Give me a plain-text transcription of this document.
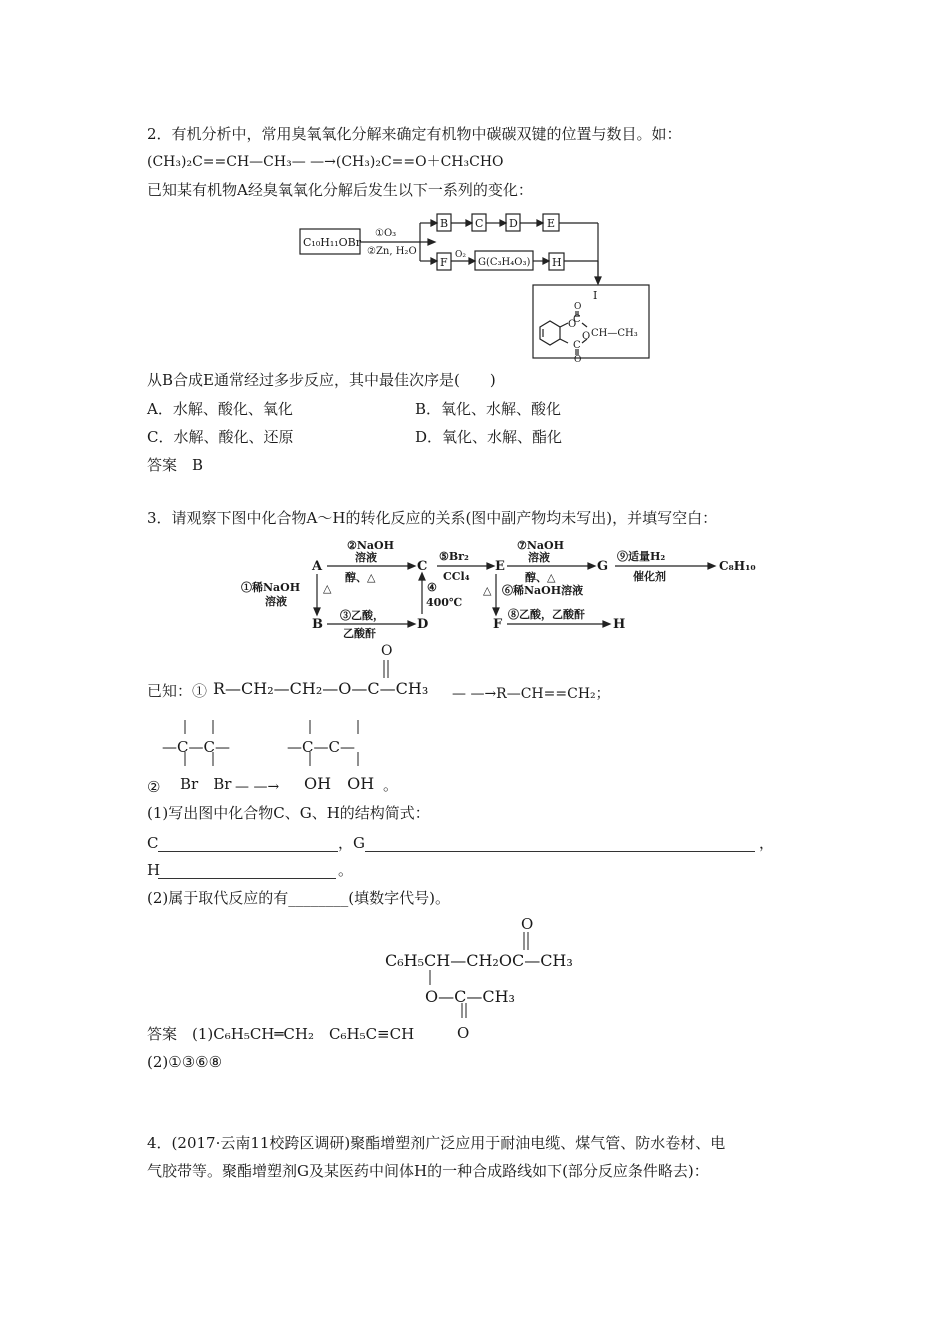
2．有机分析中，常用臭氧氧化分解来确定有机物中碳碳双键的位置与数目。如：
(CH₃)₂C==CH—CH₃— —→(CH₃)₂C==O＋CH₃CHO
已知某有机物A经臭氧氧化分解后发生以下一系列的变化：
C₁₀H₁₁OBr
①O₃
②Zn, H₂O
B C D	E
F
O₂
G(C₃H₄O₃) H
I
O
C
O
C
O
O
CH—CH₃
从B合成E通常经过多步反应，其中最佳次序是(　　)
A．水解、酸化、氧化	B．氧化、水解、酸化
C．水解、酸化、还原	D．氧化、水解、酯化
答案　B
3．请观察下图中化合物A～H的转化反应的关系(图中副产物均未写出)，并填写空白：
A
B
C
D
E
F
G
H
C₈H₁₀
②NaOH
溶液
醇、△
①稀NaOH
溶液
△
③乙酸，
乙酸酐
④
400℃
⑤Br₂
CCl₄
⑦NaOH
溶液
醇、△
△ ⑥稀NaOH溶液
⑧乙酸，乙酸酐
⑨适量H₂
催化剂
已知：① R—CH₂—CH₂—O—C—CH₃
O
— —→R—CH==CH₂；
—C—C—
Br　Br
②	— —→
—C—C—
OH　OH 。
(1)写出图中化合物C、G、H的结构简式：
C	，G	，
H	。
(2)属于取代反应的有________(填数字代号)。
O
C₆H₅CH—CH₂OC—CH₃
O—C—CH₃
O
答案　(1)C₆H₅CH═CH₂　C₆H₅C≡CH
(2)①③⑥⑧
4．(2017·云南11校跨区调研)聚酯增塑剂广泛应用于耐油电缆、煤气管、防水卷材、电
气胶带等。聚酯增塑剂G及某医药中间体H的一种合成路线如下(部分反应条件略去)：
